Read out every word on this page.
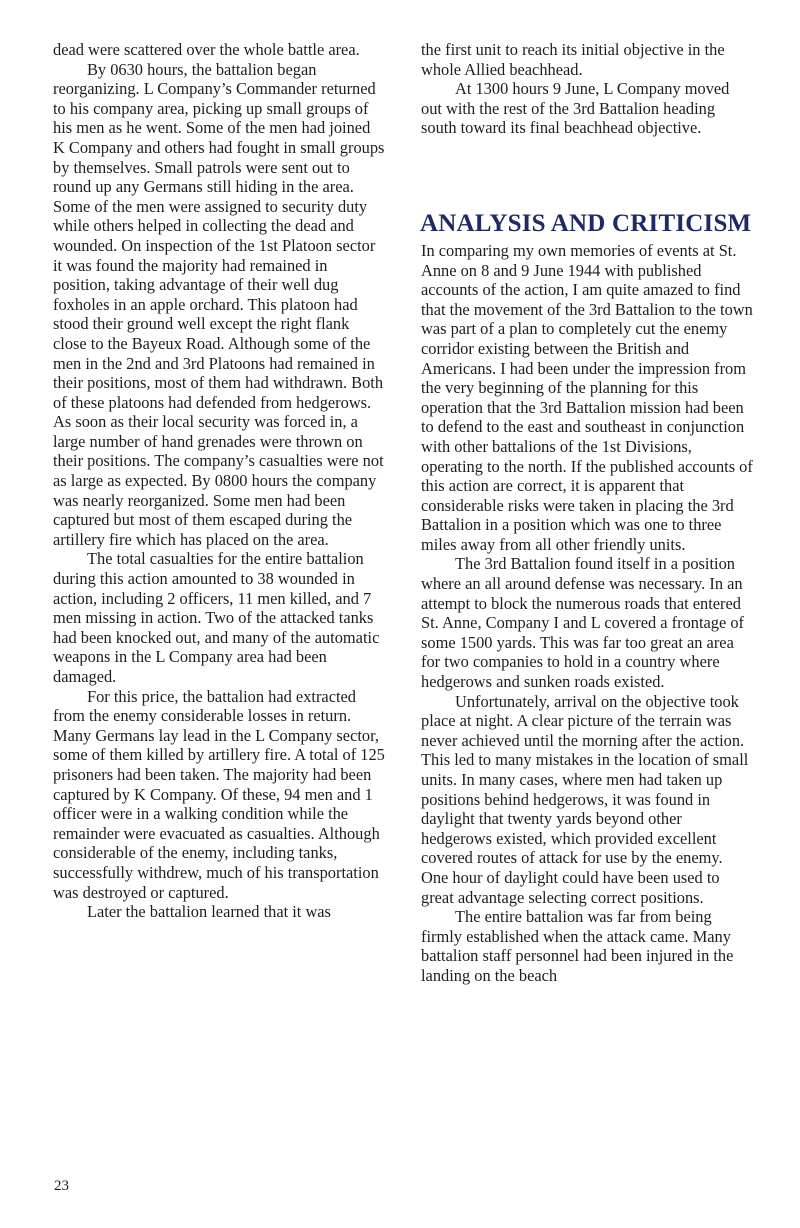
dead were scattered over the whole battle area.

By 0630 hours, the battalion began reorganizing. L Company’s Commander returned to his company area, picking up small groups of his men as he went. Some of the men had joined K Company and others had fought in small groups by themselves. Small patrols were sent out to round up any Germans still hiding in the area. Some of the men were assigned to security duty while others helped in collecting the dead and wounded. On inspection of the 1st Platoon sector it was found the majority had remained in position, taking advantage of their well dug foxholes in an apple orchard. This platoon had stood their ground well except the right flank close to the Bayeux Road. Although some of the men in the 2nd and 3rd Platoons had remained in their positions, most of them had withdrawn. Both of these platoons had defended from hedgerows. As soon as their local security was forced in, a large number of hand grenades were thrown on their positions. The company’s casualties were not as large as expected. By 0800 hours the company was nearly reorganized. Some men had been captured but most of them escaped during the artillery fire which has placed on the area.

The total casualties for the entire battalion during this action amounted to 38 wounded in action, including 2 officers, 11 men killed, and 7 men missing in action. Two of the attacked tanks had been knocked out, and many of the automatic weapons in the L Company area had been damaged.

For this price, the battalion had extracted from the enemy considerable losses in return. Many Germans lay lead in the L Company sector, some of them killed by artillery fire. A total of 125 prisoners had been taken. The majority had been captured by K Company. Of these, 94 men and 1 officer were in a walking condition while the remainder were evacuated as casualties. Although considerable of the enemy, including tanks, successfully withdrew, much of his transportation was destroyed or captured.

Later the battalion learned that it was

the first unit to reach its initial objective in the whole Allied beachhead.

At 1300 hours 9 June, L Company moved out with the rest of the 3rd Battalion heading south toward its final beachhead objective.

ANALYSIS AND CRITICISM

In comparing my own memories of events at St. Anne on 8 and 9 June 1944 with published accounts of the action, I am quite amazed to find that the movement of the 3rd Battalion to the town was part of a plan to completely cut the enemy corridor existing between the British and Americans. I had been under the impression from the very beginning of the planning for this operation that the 3rd Battalion mission had been to defend to the east and southeast in conjunction with other battalions of the 1st Divisions, operating to the north. If the published accounts of this action are correct, it is apparent that considerable risks were taken in placing the 3rd Battalion in a position which was one to three miles away from all other friendly units.

The 3rd Battalion found itself in a position where an all around defense was necessary. In an attempt to block the numerous roads that entered St. Anne, Company I and L covered a frontage of some 1500 yards. This was far too great an area for two companies to hold in a country where hedgerows and sunken roads existed.

Unfortunately, arrival on the objective took place at night. A clear picture of the terrain was never achieved until the morning after the action. This led to many mistakes in the location of small units. In many cases, where men had taken up positions behind hedgerows, it was found in daylight that twenty yards beyond other hedgerows existed, which provided excellent covered routes of attack for use by the enemy. One hour of daylight could have been used to great advantage selecting correct positions.

The entire battalion was far from being firmly established when the attack came. Many battalion staff personnel had been injured in the landing on the beach

23
